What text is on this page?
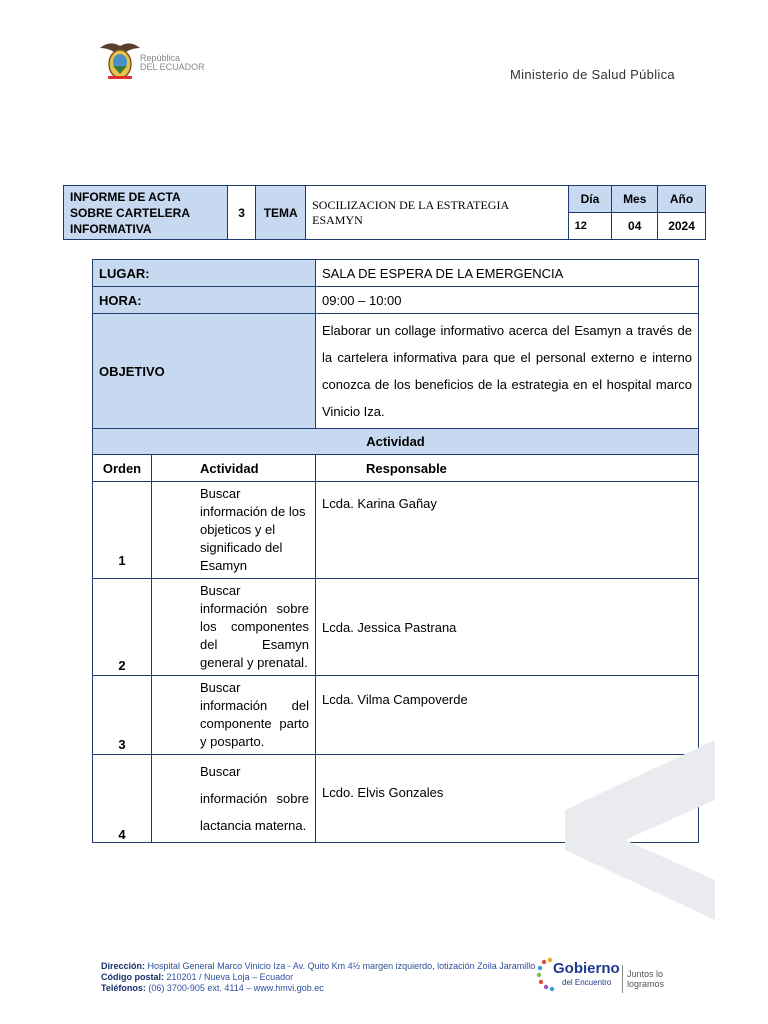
República
DEL ECUADOR	Ministerio de Salud Pública
INFORME DE ACTA SOBRE CARTELERA INFORMATIVA	3	TEMA	SOCILIZACION DE LA ESTRATEGIA ESAMYN	Día	Mes	Año
				12	04	2024
LUGAR:		SALA DE ESPERA DE LA EMERGENCIA
HORA:		09:00 – 10:00
OBJETIVO		Elaborar un collage informativo acerca del Esamyn a través de la cartelera informativa para que el personal externo e interno conozca de los beneficios de la estrategia en el hospital marco Vinicio Iza.
Actividad		
Orden	Actividad	Responsable
1	Buscar información de los objeticos y el significado del Esamyn	Lcda. Karina Gañay
2	Buscar información sobre los componentes del Esamyn general y prenatal.	Lcda. Jessica Pastrana
3	Buscar información del componente parto y posparto.	Lcda. Vilma Campoverde
4	Buscar información sobre lactancia materna.	Lcdo. Elvis Gonzales
Dirección: Hospital General Marco Vinicio Iza - Av. Quito Km 4½ margen izquierdo, lotización Zoila Jaramillo Código postal: 210201 / Nueva Loja – Ecuador
Teléfonos: (06) 3700-905 ext. 4114 – www.hmvi.gob.ec
Gobierno
del Encuentro
Juntos lo logramos
